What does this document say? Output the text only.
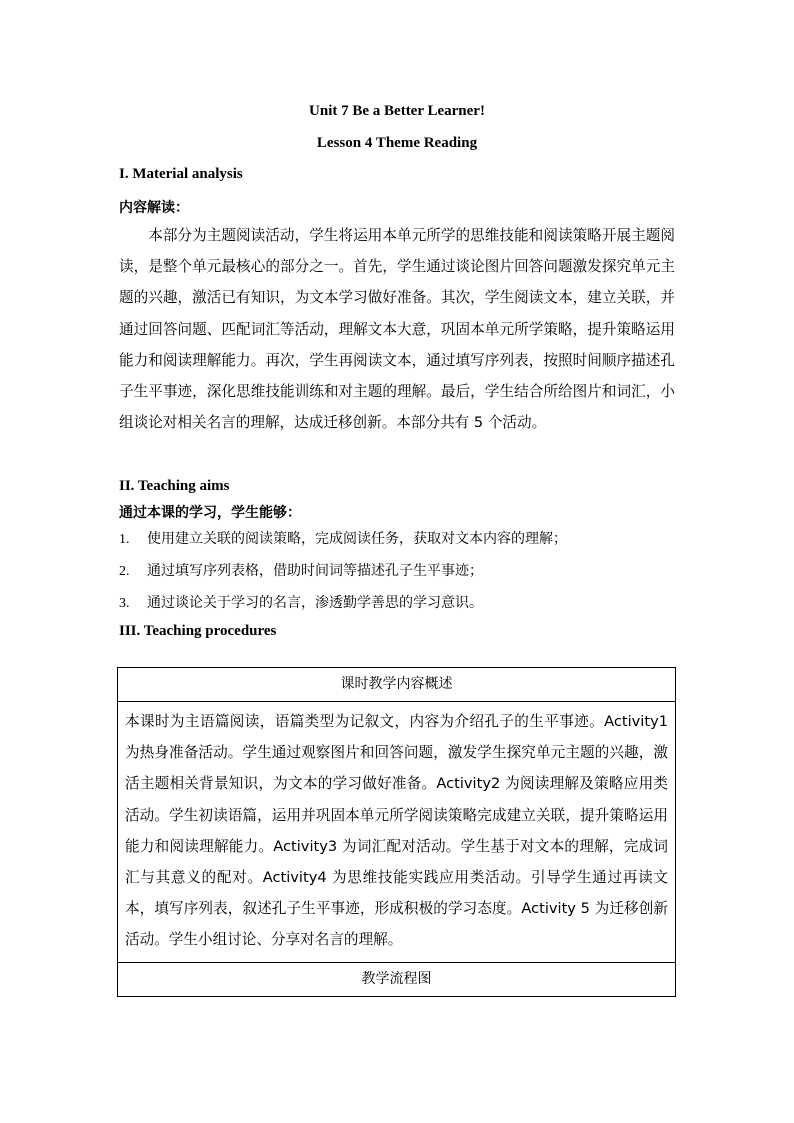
Unit 7 Be a Better Learner!
Lesson 4 Theme Reading
I. Material analysis
内容解读：
本部分为主题阅读活动，学生将运用本单元所学的思维技能和阅读策略开展主题阅读，是整个单元最核心的部分之一。首先，学生通过谈论图片回答问题激发探究单元主题的兴趣，激活已有知识，为文本学习做好准备。其次，学生阅读文本，建立关联，并通过回答问题、匹配词汇等活动，理解文本大意，巩固本单元所学策略，提升策略运用能力和阅读理解能力。再次，学生再阅读文本，通过填写序列表，按照时间顺序描述孔子生平事迹，深化思维技能训练和对主题的理解。最后，学生结合所给图片和词汇，小组谈论对相关名言的理解，达成迁移创新。本部分共有 5 个活动。
II. Teaching aims
通过本课的学习，学生能够：
1. 使用建立关联的阅读策略，完成阅读任务，获取对文本内容的理解；
2. 通过填写序列表格，借助时间词等描述孔子生平事迹；
3. 通过谈论关于学习的名言，渗透勤学善思的学习意识。
III. Teaching procedures
课时教学内容概述
本课时为主语篇阅读，语篇类型为记叙文，内容为介绍孔子的生平事迹。Activity1 为热身准备活动。学生通过观察图片和回答问题，激发学生探究单元主题的兴趣，激活主题相关背景知识，为文本的学习做好准备。Activity2 为阅读理解及策略应用类活动。学生初读语篇，运用并巩固本单元所学阅读策略完成建立关联，提升策略运用能力和阅读理解能力。Activity3 为词汇配对活动。学生基于对文本的理解，完成词汇与其意义的配对。Activity4 为思维技能实践应用类活动。引导学生通过再读文本，填写序列表，叙述孔子生平事迹，形成积极的学习态度。Activity 5 为迁移创新活动。学生小组讨论、分享对名言的理解。
教学流程图
